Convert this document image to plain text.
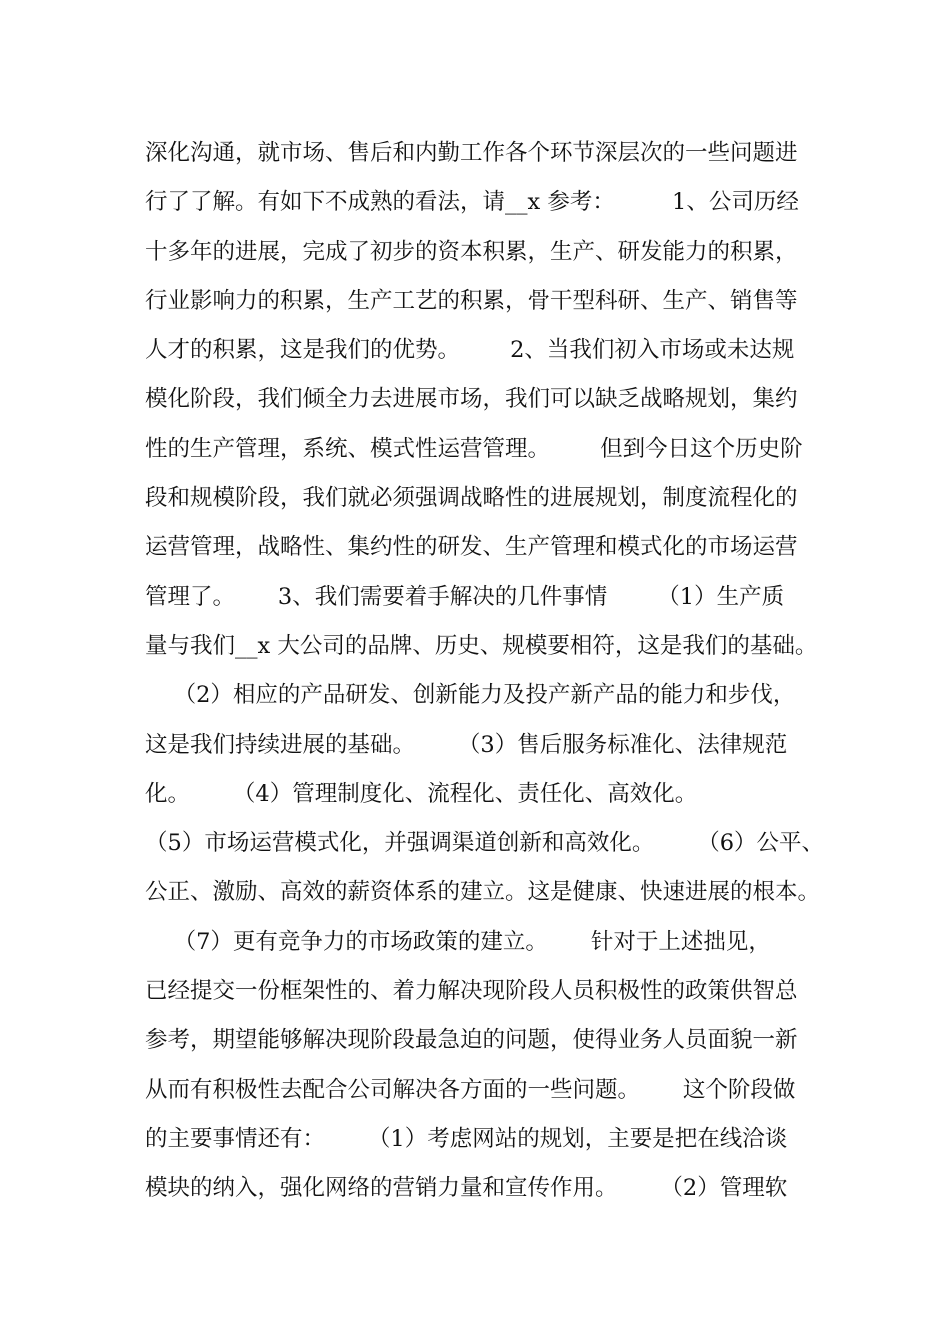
深化沟通，就市场、售后和内勤工作各个环节深层次的一些问题进
行了了解。有如下不成熟的看法，请__x 参考：        1、公司历经
十多年的进展，完成了初步的资本积累，生产、研发能力的积累，
行业影响力的积累，生产工艺的积累，骨干型科研、生产、销售等
人才的积累，这是我们的优势。       2、当我们初入市场或未达规
模化阶段，我们倾全力去进展市场，我们可以缺乏战略规划，集约
性的生产管理，系统、模式性运营管理。       但到今日这个历史阶
段和规模阶段，我们就必须强调战略性的进展规划，制度流程化的
运营管理，战略性、集约性的研发、生产管理和模式化的市场运营
管理了。      3、我们需要着手解决的几件事情       （1）生产质
量与我们__x 大公司的品牌、历史、规模要相符，这是我们的基础。
（2）相应的产品研发、创新能力及投产新产品的能力和步伐，
这是我们持续进展的基础。      （3）售后服务标准化、法律规范
化。      （4）管理制度化、流程化、责任化、高效化。
（5）市场运营模式化，并强调渠道创新和高效化。      （6）公平、
公正、激励、高效的薪资体系的建立。这是健康、快速进展的根本。
（7）更有竞争力的市场政策的建立。      针对于上述拙见，
已经提交一份框架性的、着力解决现阶段人员积极性的政策供智总
参考，期望能够解决现阶段最急迫的问题，使得业务人员面貌一新
从而有积极性去配合公司解决各方面的一些问题。      这个阶段做
的主要事情还有：      （1）考虑网站的规划，主要是把在线洽谈
模块的纳入，强化网络的营销力量和宣传作用。      （2）管理软
